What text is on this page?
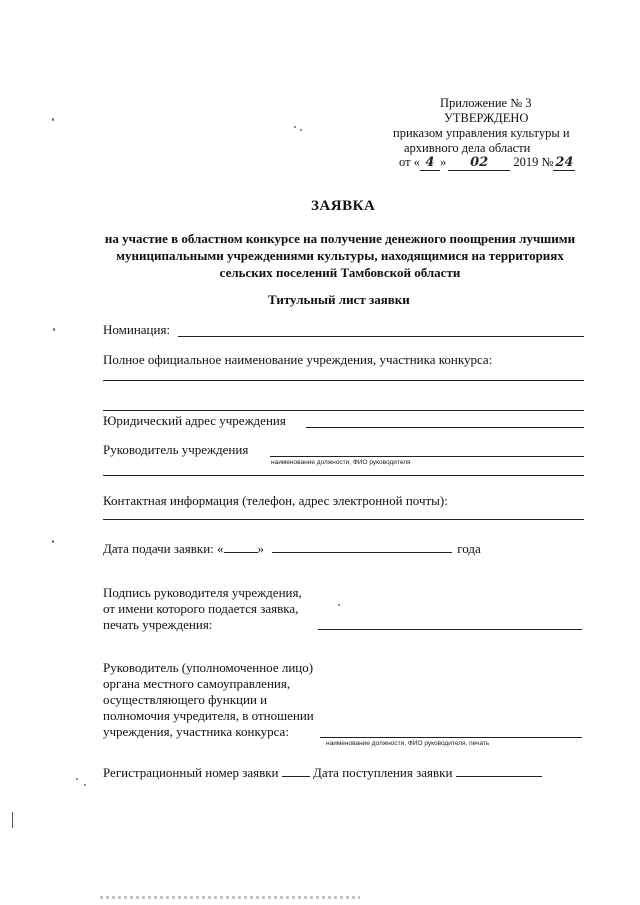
Приложение № 3
УТВЕРЖДЕНО
приказом управления культуры и
архивного дела области
от « 4 » 02 2019 № 24
ЗАЯВКА
на участие в областном конкурсе на получение денежного поощрения лучшими муниципальными учреждениями культуры, находящимися на территориях сельских поселений Тамбовской области
Титульный лист заявки
Номинация:
Полное официальное наименование учреждения, участника конкурса:
Юридический адрес учреждения
Руководитель учреждения
наименование должности, ФИО руководителя
Контактная информация (телефон, адрес электронной почты):
Дата подачи заявки: «	»	года
Подпись руководителя учреждения,
от имени которого подается заявка,
печать учреждения:
Руководитель (уполномоченное лицо)
органа местного самоуправления,
осуществляющего функции и
полномочия учредителя, в отношении
учреждения, участника конкурса:
наименование должности, ФИО руководителя, печать
Регистрационный номер заявки	Дата поступления заявки
